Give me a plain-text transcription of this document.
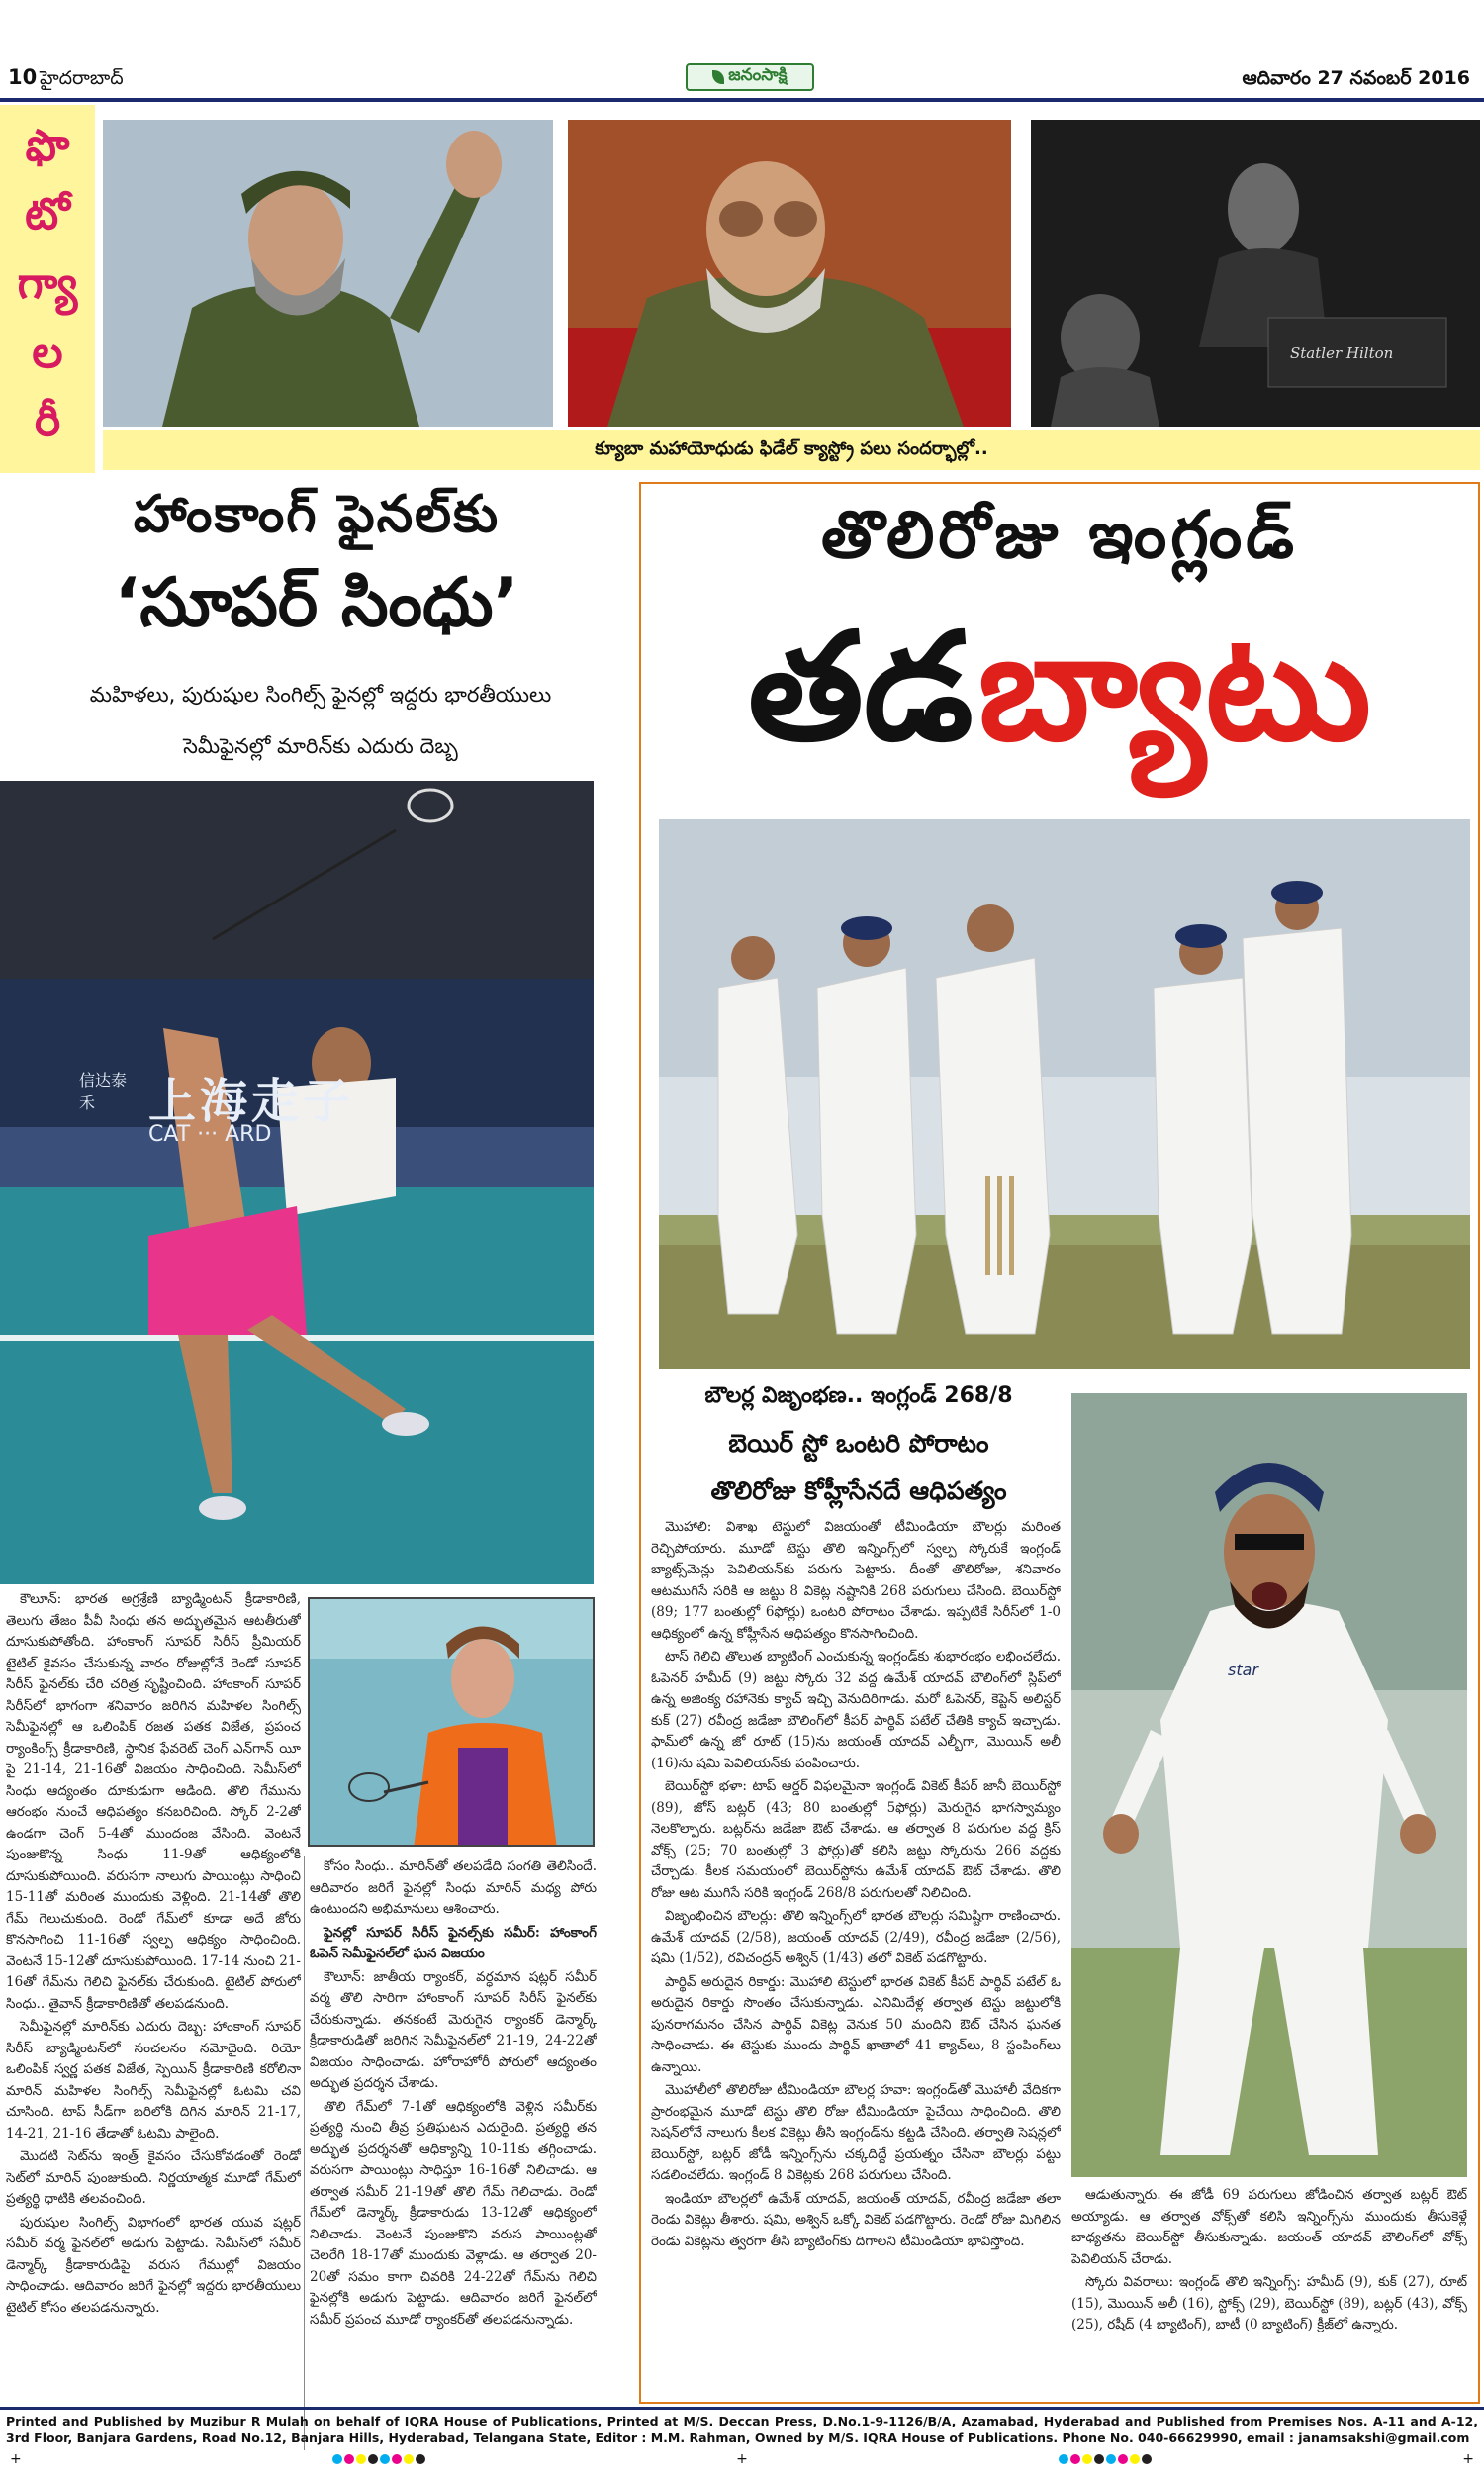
10 హైదరాబాద్	జనంసాక్షి	ఆదివారం 27 నవంబర్ 2016
ఫొ
టో
గ్యా
ల
రీ
Statler Hilton
క్యూబా మహాయోధుడు ఫిడేల్ క్యాస్ట్రో పలు సందర్భాల్లో..
హాంకాంగ్ ఫైనల్‌కు
‘సూపర్ సింధు’
మహిళలు, పురుషుల సింగిల్స్ ఫైనల్లో ఇద్దరు భారతీయులు
సెమీఫైనల్లో మారిన్‌కు ఎదురు దెబ్బ
上海走子
CAT ··· ARD
信达泰禾

కౌలూన్: భారత అగ్రశ్రేణి బ్యాడ్మింటన్ క్రీడాకారిణి, తెలుగు తేజం పీవీ సింధు తన అద్భుతమైన ఆటతీరుతో దూసుకుపోతోంది. హాంకాంగ్ సూపర్ సిరీస్ ప్రీమియర్ టైటిల్ కైవసం చేసుకున్న వారం రోజుల్లోనే రెండో సూపర్ సిరీస్ ఫైనల్‌కు చేరి చరిత్ర సృష్టించింది. హాంకాంగ్ సూపర్ సిరీస్‌లో భాగంగా శనివారం జరిగిన మహిళల సింగిల్స్ సెమీఫైనల్లో ఆ ఒలింపిక్ రజత పతక విజేత, ప్రపంచ ర్యాంకింగ్స్ క్రీడాకారిణి, స్థానిక ఫేవరెట్ చెంగ్ ఎన్‌గాన్ యీ పై 21-14, 21-16తో విజయం సాధించింది. సెమీస్‌లో సింధు ఆద్యంతం దూకుడుగా ఆడింది. తొలి గేమును ఆరంభం నుంచే ఆధిపత్యం కనబరిచింది. స్కోర్ 2-2తో ఉండగా చెంగ్ 5-4తో ముందంజ వేసింది. వెంటనే పుంజుకొన్న సింధు 11-9తో ఆధిక్యంలోకి దూసుకుపోయింది. వరుసగా నాలుగు పాయింట్లు సాధించి 15-11తో మరింత ముందుకు వెళ్లింది. 21-14తో తొలి గేమ్ గెలుచుకుంది. రెండో గేమ్‌లో కూడా అదే జోరు కొనసాగించి 11-16తో స్వల్ప ఆధిక్యం సాధించింది. వెంటనే 15-12తో దూసుకుపోయింది. 17-14 నుంచి 21-16తో గేమ్‌ను గెలిచి ఫైనల్‌కు చేరుకుంది. టైటిల్ పోరులో సింధు.. తైవాన్ క్రీడాకారిణితో తలపడనుంది.

సెమీఫైనల్లో మారిన్‌కు ఎదురు దెబ్బ: హాంకాంగ్ సూపర్ సిరీస్ బ్యాడ్మింటన్‌లో సంచలనం నమోదైంది. రియో ఒలింపిక్ స్వర్ణ పతక విజేత, స్పెయిన్ క్రీడాకారిణి కరోలినా మారిన్ మహిళల సింగిల్స్ సెమీఫైనల్లో ఓటమి చవి చూసింది. టాప్ సీడ్‌గా బరిలోకి దిగిన మారిన్ 21-17, 14-21, 21-16 తేడాతో ఓటమి పాలైంది.

మొదటి సెట్‌ను ఇంత్ర్ కైవసం చేసుకోవడంతో రెండో సెట్‌లో మారిన్ పుంజుకుంది. నిర్ణయాత్మక మూడో గేమ్‌లో ప్రత్యర్థి ధాటికి తలవంచింది.

పురుషుల సింగిల్స్ విభాగంలో భారత యువ షట్లర్ సమీర్ వర్మ ఫైనల్‌లో అడుగు పెట్టాడు. సెమీస్‌లో సమీర్ డెన్మార్క్ క్రీడాకారుడిపై వరుస గేముల్లో విజయం సాధించాడు. ఆదివారం జరిగే ఫైనల్లో ఇద్దరు భారతీయులు టైటిల్ కోసం తలపడనున్నారు.

కోసం సింధు.. మారిన్‌తో తలపడేది సంగతి తెలిసిందే. ఆదివారం జరిగే ఫైనల్లో సింధు మారిన్ మధ్య పోరు ఉంటుందని అభిమానులు ఆశించారు.

ఫైనల్లో సూపర్ సిరీస్ ఫైనల్స్‌కు సమీర్: హాంకాంగ్ ఓపెన్ సెమీఫైనల్‌లో ఘన విజయం

కౌలూన్: జాతీయ ర్యాంకర్, వర్ధమాన షట్లర్ సమీర్ వర్మ తొలి సారిగా హాంకాంగ్ సూపర్ సిరీస్ ఫైనల్‌కు చేరుకున్నాడు. తనకంటే మెరుగైన ర్యాంకర్ డెన్మార్క్ క్రీడాకారుడితో జరిగిన సెమీఫైనల్‌లో 21-19, 24-22తో విజయం సాధించాడు. హోరాహోరీ పోరులో ఆద్యంతం అద్భుత ప్రదర్శన చేశాడు.

తొలి గేమ్‌లో 7-1తో ఆధిక్యంలోకి వెళ్లిన సమీర్‌కు ప్రత్యర్థి నుంచి తీవ్ర ప్రతిఘటన ఎదురైంది. ప్రత్యర్థి తన అద్భుత ప్రదర్శనతో ఆధిక్యాన్ని 10-11కు తగ్గించాడు. వరుసగా పాయింట్లు సాధిస్తూ 16-16తో నిలిచాడు. ఆ తర్వాత సమీర్ 21-19తో తొలి గేమ్ గెలిచాడు. రెండో గేమ్‌లో డెన్మార్క్ క్రీడాకారుడు 13-12తో ఆధిక్యంలో నిలిచాడు. వెంటనే పుంజుకొని వరుస పాయింట్లతో చెలరేగి 18-17తో ముందుకు వెళ్లాడు. ఆ తర్వాత 20-20తో సమం కాగా చివరికి 24-22తో గేమ్‌ను గెలిచి ఫైనల్లోకి అడుగు పెట్టాడు. ఆదివారం జరిగే ఫైనల్‌లో సమీర్ ప్రపంచ మూడో ర్యాంకర్‌తో తలపడనున్నాడు.

తొలిరోజు ఇంగ్లండ్
తడ బ్యాటు
బౌలర్ల విజృంభణ.. ఇంగ్లండ్ 268/8
బెయిర్ స్టో ఒంటరి పోరాటం
తొలిరోజు కోహ్లీసేనదే ఆధిపత్యం
star

మొహాలి: విశాఖ టెస్టులో విజయంతో టీమిండియా బౌలర్లు మరింత రెచ్చిపోయారు. మూడో టెస్టు తొలి ఇన్నింగ్స్‌లో స్వల్ప స్కోరుకే ఇంగ్లండ్ బ్యాట్స్‌మెన్లు పెవిలియన్‌కు పరుగు పెట్టారు. దీంతో తొలిరోజు, శనివారం ఆటముగిసే సరికి ఆ జట్టు 8 వికెట్ల నష్టానికి 268 పరుగులు చేసింది. బెయిర్‌స్టో (89; 177 బంతుల్లో 6ఫోర్లు) ఒంటరి పోరాటం చేశాడు. ఇప్పటికే సిరీస్‌లో 1-0 ఆధిక్యంలో ఉన్న కోహ్లీసేన ఆధిపత్యం కొనసాగించింది.

టాస్ గెలిచి తొలుత బ్యాటింగ్ ఎంచుకున్న ఇంగ్లండ్‌కు శుభారంభం లభించలేదు. ఓపెనర్ హమీద్ (9) జట్టు స్కోరు 32 వద్ద ఉమేశ్ యాదవ్ బౌలింగ్‌లో స్లిప్‌లో ఉన్న అజింక్య రహానెకు క్యాచ్ ఇచ్చి వెనుదిరిగాడు. మరో ఓపెనర్, కెప్టెన్ అలిస్టర్ కుక్ (27) రవీంద్ర జడేజా బౌలింగ్‌లో కీపర్ పార్థివ్ పటేల్ చేతికి క్యాచ్ ఇచ్చాడు. ఫామ్‌లో ఉన్న జో రూట్ (15)ను జయంత్ యాదవ్ ఎల్బీగా, మొయిన్ అలీ (16)ను షమి పెవిలియన్‌కు పంపించారు.

బెయిర్‌స్టో భళా: టాప్ ఆర్డర్ విఫలమైనా ఇంగ్లండ్ వికెట్ కీపర్ జానీ బెయిర్‌స్టో (89), జోస్ బట్లర్ (43; 80 బంతుల్లో 5ఫోర్లు) మెరుగైన భాగస్వామ్యం నెలకొల్పారు. బట్లర్‌ను జడేజా ఔట్ చేశాడు. ఆ తర్వాత 8 పరుగుల వద్ద క్రిస్ వోక్స్ (25; 70 బంతుల్లో 3 ఫోర్లు)తో కలిసి జట్టు స్కోరును 266 వద్దకు చేర్చాడు. కీలక సమయంలో బెయిర్‌స్టోను ఉమేశ్ యాదవ్ ఔట్ చేశాడు. తొలి రోజు ఆట ముగిసే సరికి ఇంగ్లండ్ 268/8 పరుగులతో నిలిచింది.

విజృంభించిన బౌలర్లు: తొలి ఇన్నింగ్స్‌లో భారత బౌలర్లు సమిష్టిగా రాణించారు. ఉమేశ్ యాదవ్ (2/58), జయంత్ యాదవ్ (2/49), రవీంద్ర జడేజా (2/56), షమి (1/52), రవిచంద్రన్ అశ్విన్ (1/43) తలో వికెట్ పడగొట్టారు.

పార్థివ్ అరుదైన రికార్డు: మొహాలి టెస్టులో భారత వికెట్ కీపర్ పార్థివ్ పటేల్ ఓ అరుదైన రికార్డు సొంతం చేసుకున్నాడు. ఎనిమిదేళ్ల తర్వాత టెస్టు జట్టులోకి పునరాగమనం చేసిన పార్థివ్ వికెట్ల వెనుక 50 మందిని ఔట్ చేసిన ఘనత సాధించాడు. ఈ టెస్టుకు ముందు పార్థివ్ ఖాతాలో 41 క్యాచ్‌లు, 8 స్టంపింగ్‌లు ఉన్నాయి.

మొహాలీలో తొలిరోజు టీమిండియా బౌలర్ల హవా: ఇంగ్లండ్‌తో మొహాలీ వేదికగా ప్రారంభమైన మూడో టెస్టు తొలి రోజు టీమిండియా పైచేయి సాధించింది. తొలి సెషన్‌లోనే నాలుగు కీలక వికెట్లు తీసి ఇంగ్లండ్‌ను కట్టడి చేసింది. తర్వాతి సెషన్లలో బెయిర్‌స్టో, బట్లర్ జోడీ ఇన్నింగ్స్‌ను చక్కదిద్దే ప్రయత్నం చేసినా బౌలర్లు పట్టు సడలించలేదు. ఇంగ్లండ్ 8 వికెట్లకు 268 పరుగులు చేసింది.

ఇండియా బౌలర్లలో ఉమేశ్ యాదవ్, జయంత్ యాదవ్, రవీంద్ర జడేజా తలా రెండు వికెట్లు తీశారు. షమి, అశ్విన్ ఒక్కో వికెట్ పడగొట్టారు. రెండో రోజు మిగిలిన రెండు వికెట్లను త్వరగా తీసి బ్యాటింగ్‌కు దిగాలని టీమిండియా భావిస్తోంది.

ఆడుతున్నారు. ఈ జోడీ 69 పరుగులు జోడించిన తర్వాత బట్లర్ ఔట్ అయ్యాడు. ఆ తర్వాత వోక్స్‌తో కలిసి ఇన్నింగ్స్‌ను ముందుకు తీసుకెళ్లే బాధ్యతను బెయిర్‌స్టో తీసుకున్నాడు. జయంత్ యాదవ్ బౌలింగ్‌లో వోక్స్ పెవిలియన్ చేరాడు.

స్కోరు వివరాలు: ఇంగ్లండ్ తొలి ఇన్నింగ్స్: హమీద్ (9), కుక్ (27), రూట్ (15), మొయిన్ అలీ (16), స్టోక్స్ (29), బెయిర్‌స్టో (89), బట్లర్ (43), వోక్స్ (25), రషీద్ (4 బ్యాటింగ్), బాటీ (0 బ్యాటింగ్) క్రీజ్‌లో ఉన్నారు.

Printed and Published by Muzibur R Mulah on behalf of IQRA House of Publications, Printed at M/S. Deccan Press, D.No.1-9-1126/B/A, Azamabad, Hyderabad and Published from Premises Nos. A-11 and A-12, 3rd Floor, Banjara Gardens, Road No.12, Banjara Hills, Hyderabad, Telangana State, Editor : M.M. Rahman, Owned by M/S. IQRA House of Publications. Phone No. 040-66629990, email : janamsakshi@gmail.com
+	+	+
